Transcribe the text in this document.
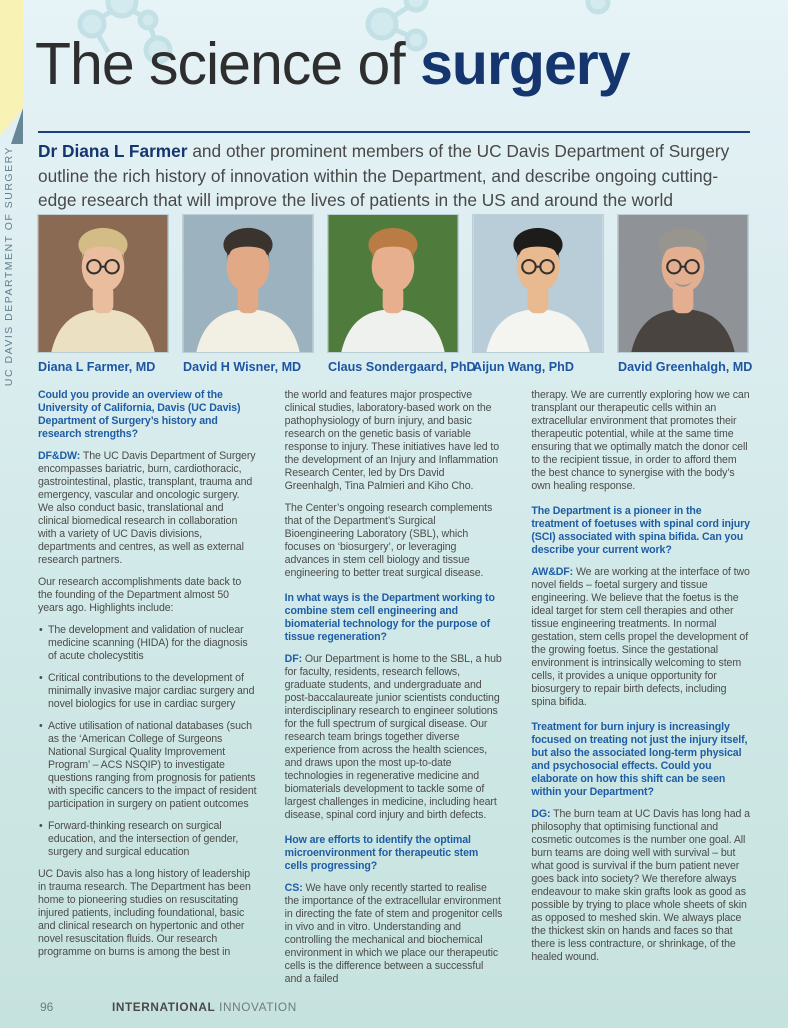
UC DAVIS DEPARTMENT OF SURGERY
The science of surgery

Dr Diana L Farmer and other prominent members of the UC Davis Department of Surgery outline the rich history of innovation within the Department, and describe ongoing cutting-edge research that will improve the lives of patients in the US and around the world

Diana L Farmer, MD	David H Wisner, MD	Claus Sondergaard, PhD
Aijun Wang, PhD	David Greenhalgh, MD
Could you provide an overview of the University of California, Davis (UC Davis) Department of Surgery’s history and research strengths?

DF&DW: The UC Davis Department of Surgery encompasses bariatric, burn, cardiothoracic, gastrointestinal, plastic, transplant, trauma and emergency, vascular and oncologic surgery. We also conduct basic, translational and clinical biomedical research in collaboration with a variety of UC Davis divisions, departments and centres, as well as external research partners.

Our research accomplishments date back to the founding of the Department almost 50 years ago. Highlights include:

• The development and validation of nuclear medicine scanning (HIDA) for the diagnosis of acute cholecystitis
• Critical contributions to the development of minimally invasive major cardiac surgery and novel biologics for use in cardiac surgery
• Active utilisation of national databases (such as the ‘American College of Surgeons National Surgical Quality Improvement Program’ – ACS NSQIP) to investigate questions ranging from prognosis for patients with specific cancers to the impact of resident participation in surgery on patient outcomes
• Forward-thinking research on surgical education, and the intersection of gender, surgery and surgical education

UC Davis also has a long history of leadership in trauma research. The Department has been home to pioneering studies on resuscitating injured patients, including foundational, basic and clinical research on hypertonic and other novel resuscitation fluids. Our research programme on burns is among the best in

the world and features major prospective clinical studies, laboratory-based work on the pathophysiology of burn injury, and basic research on the genetic basis of variable response to injury. These initiatives have led to the development of an Injury and Inflammation Research Center, led by Drs David Greenhalgh, Tina Palmieri and Kiho Cho.

The Center’s ongoing research complements that of the Department’s Surgical Bioengineering Laboratory (SBL), which focuses on ‘biosurgery’, or leveraging advances in stem cell biology and tissue engineering to better treat surgical disease.

In what ways is the Department working to combine stem cell engineering and biomaterial technology for the purpose of tissue regeneration?

DF: Our Department is home to the SBL, a hub for faculty, residents, research fellows, graduate students, and undergraduate and post-baccalaureate junior scientists conducting interdisciplinary research to engineer solutions for the full spectrum of surgical disease. Our research team brings together diverse experience from across the health sciences, and draws upon the most up-to-date technologies in regenerative medicine and biomaterials development to tackle some of largest challenges in medicine, including heart disease, spinal cord injury and birth defects.

How are efforts to identify the optimal microenvironment for therapeutic stem cells progressing?

CS: We have only recently started to realise the importance of the extracellular environment in directing the fate of stem and progenitor cells in vivo and in vitro. Understanding and controlling the mechanical and biochemical environment in which we place our therapeutic cells is the difference between a successful and a failed

therapy. We are currently exploring how we can transplant our therapeutic cells within an extracellular environment that promotes their therapeutic potential, while at the same time ensuring that we optimally match the donor cell to the recipient tissue, in order to afford them the best chance to synergise with the body’s own healing response.

The Department is a pioneer in the treatment of foetuses with spinal cord injury (SCI) associated with spina bifida. Can you describe your current work?

AW&DF: We are working at the interface of two novel fields – foetal surgery and tissue engineering. We believe that the foetus is the ideal target for stem cell therapies and other tissue engineering treatments. In normal gestation, stem cells propel the development of the growing foetus. Since the gestational environment is intrinsically welcoming to stem cells, it provides a unique opportunity for biosurgery to repair birth defects, including spina bifida.

Treatment for burn injury is increasingly focused on treating not just the injury itself, but also the associated long-term physical and psychosocial effects. Could you elaborate on how this shift can be seen within your Department?

DG: The burn team at UC Davis has long had a philosophy that optimising functional and cosmetic outcomes is the number one goal. All burn teams are doing well with survival – but what good is survival if the burn patient never goes back into society? We therefore always endeavour to make skin grafts look as good as possible by trying to place whole sheets of skin as opposed to meshed skin. We always place the thickest skin on hands and faces so that there is less contracture, or shrinkage, of the healed wound.

96	INTERNATIONAL INNOVATION
